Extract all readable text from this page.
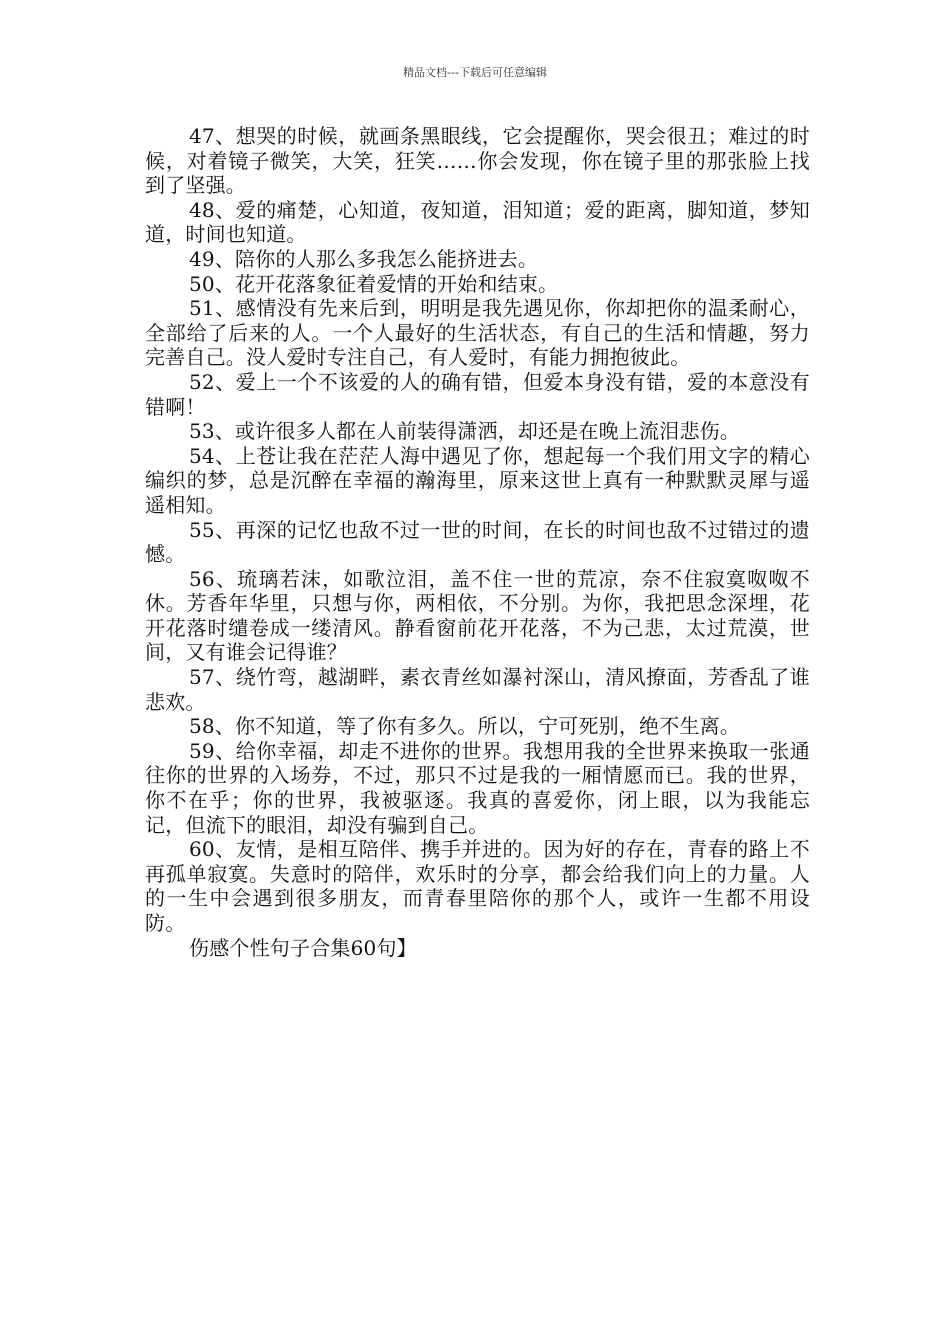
精品文档---下载后可任意编辑

47、想哭的时候，就画条黑眼线，它会提醒你，哭会很丑；难过的时候，对着镜子微笑，大笑，狂笑……你会发现，你在镜子里的那张脸上找到了坚强。

48、爱的痛楚，心知道，夜知道，泪知道；爱的距离，脚知道，梦知道，时间也知道。

49、陪你的人那么多我怎么能挤进去。

50、花开花落象征着爱情的开始和结束。

51、感情没有先来后到，明明是我先遇见你，你却把你的温柔耐心，全部给了后来的人。一个人最好的生活状态，有自己的生活和情趣，努力完善自己。没人爱时专注自己，有人爱时，有能力拥抱彼此。

52、爱上一个不该爱的人的确有错，但爱本身没有错，爱的本意没有错啊！

53、或许很多人都在人前装得潇洒，却还是在晚上流泪悲伤。

54、上苍让我在茫茫人海中遇见了你，想起每一个我们用文字的精心编织的梦，总是沉醉在幸福的瀚海里，原来这世上真有一种默默灵犀与遥遥相知。

55、再深的记忆也敌不过一世的时间，在长的时间也敌不过错过的遗憾。

56、琉璃若沫，如歌泣泪，盖不住一世的荒凉，奈不住寂寞呶呶不休。芳香年华里，只想与你，两相依，不分别。为你，我把思念深埋，花开花落时缱卷成一缕清风。静看窗前花开花落，不为己悲，太过荒漠，世间，又有谁会记得谁？

57、绕竹弯，越湖畔，素衣青丝如瀑衬深山，清风撩面，芳香乱了谁悲欢。

58、你不知道，等了你有多久。所以，宁可死别，绝不生离。

59、给你幸福，却走不进你的世界。我想用我的全世界来换取一张通往你的世界的入场券，不过，那只不过是我的一厢情愿而已。我的世界，你不在乎；你的世界，我被驱逐。我真的喜爱你，闭上眼，以为我能忘记，但流下的眼泪，却没有骗到自己。

60、友情，是相互陪伴、携手并进的。因为好的存在，青春的路上不再孤单寂寞。失意时的陪伴，欢乐时的分享，都会给我们向上的力量。人的一生中会遇到很多朋友，而青春里陪你的那个人，或许一生都不用设防。

伤感个性句子合集60句】
